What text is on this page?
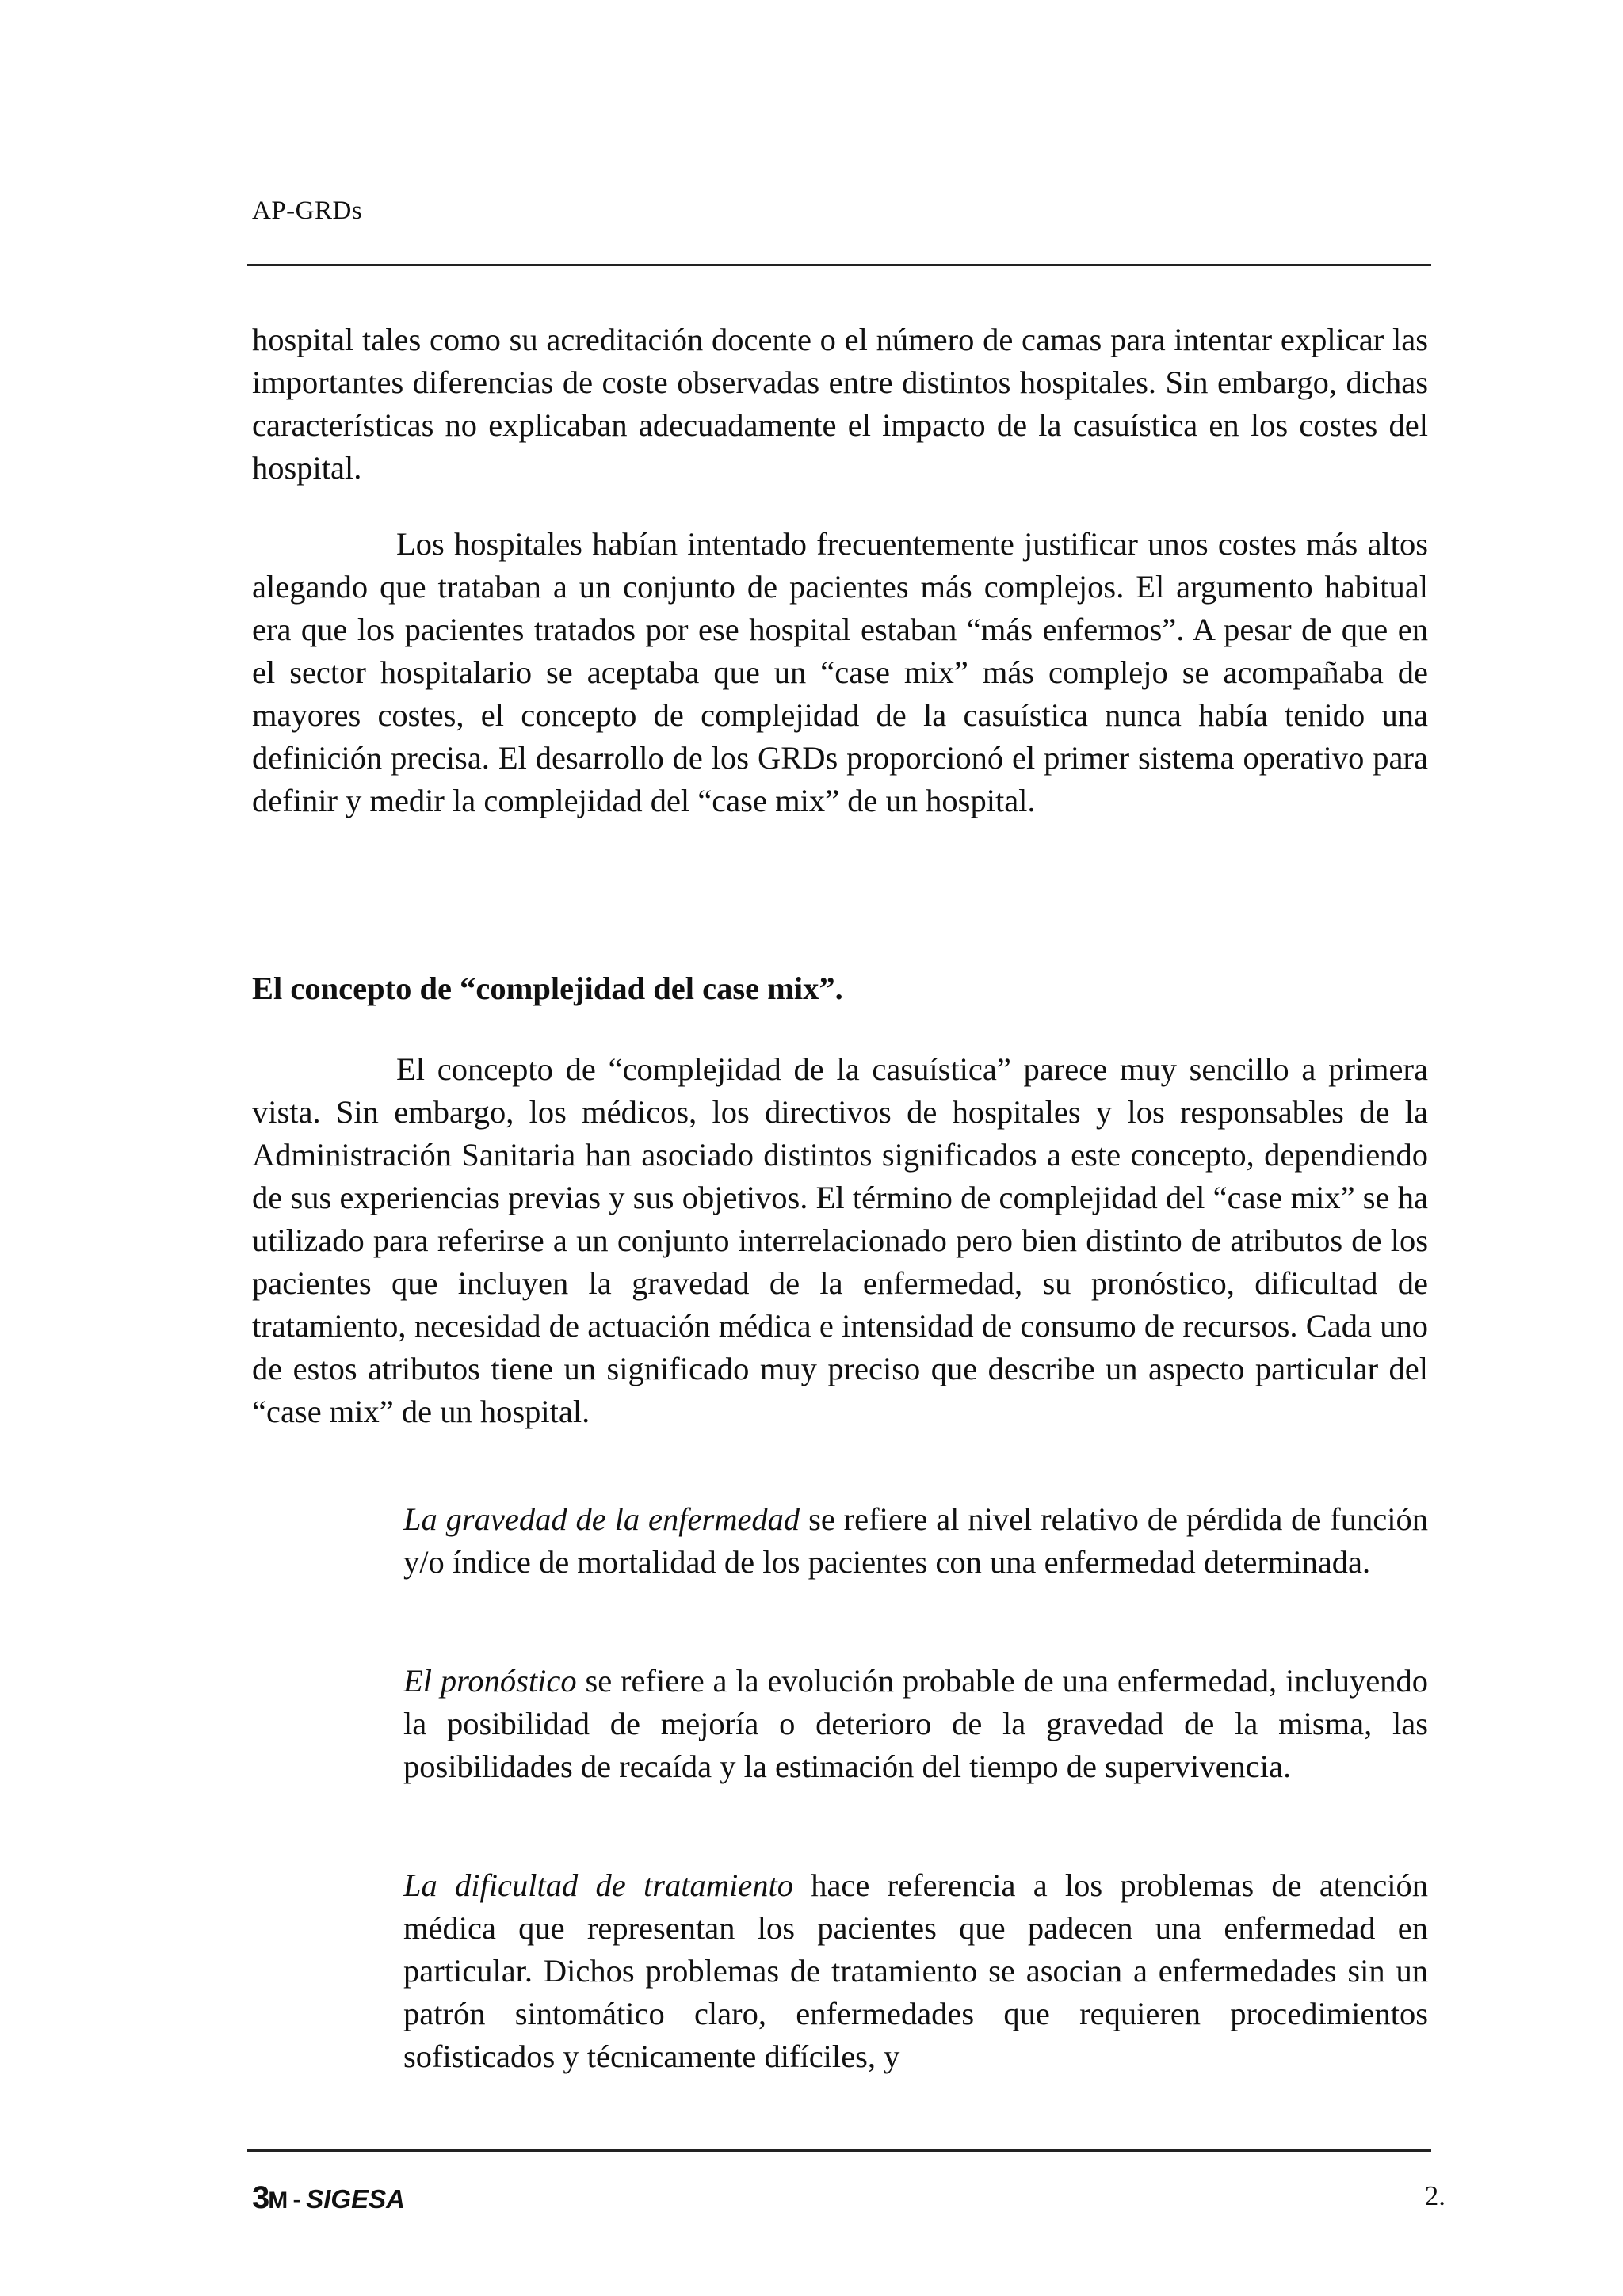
AP-GRDs

hospital tales como su acreditación docente o el número de camas para intentar explicar las importantes diferencias de coste observadas entre distintos hospitales. Sin embargo, dichas características no explicaban adecuadamente el impacto de la casuística en los costes del hospital.

Los hospitales habían intentado frecuentemente justificar unos costes más altos alegando que trataban a un conjunto de pacientes más complejos. El argumento habitual era que los pacientes tratados por ese hospital estaban “más enfermos”. A pesar de que en el sector hospitalario se aceptaba que un “case mix” más complejo se acompañaba de mayores costes, el concepto de complejidad de la casuística nunca había tenido una definición precisa. El desarrollo de los GRDs proporcionó el primer sistema operativo para definir y medir la complejidad del “case mix” de un hospital.

El concepto de “complejidad del case mix”.

El concepto de “complejidad de la casuística” parece muy sencillo a primera vista. Sin embargo, los médicos, los directivos de hospitales y los responsables de la Administración Sanitaria han asociado distintos significados a este concepto, dependiendo de sus experiencias previas y sus objetivos. El término de complejidad del “case mix” se ha utilizado para referirse a un conjunto interrelacionado pero bien distinto de atributos de los pacientes que incluyen la gravedad de la enfermedad, su pronóstico, dificultad de tratamiento, necesidad de actuación médica e intensidad de consumo de recursos. Cada uno de estos atributos tiene un significado muy preciso que describe un aspecto particular del “case mix” de un hospital.

La gravedad de la enfermedad se refiere al nivel relativo de pérdida de función y/o índice de mortalidad de los pacientes con una enfermedad determinada.

El pronóstico se refiere a la evolución probable de una enfermedad, incluyendo la posibilidad de mejoría o deterioro de la gravedad de la misma, las posibilidades de recaída y la estimación del tiempo de supervivencia.

La dificultad de tratamiento hace referencia a los problemas de atención médica que representan los pacientes que padecen una enfermedad en particular. Dichos problemas de tratamiento se asocian a enfermedades sin un patrón sintomático claro, enfermedades que requieren procedimientos sofisticados y técnicamente difíciles, y

3M - SIGESA	2.
